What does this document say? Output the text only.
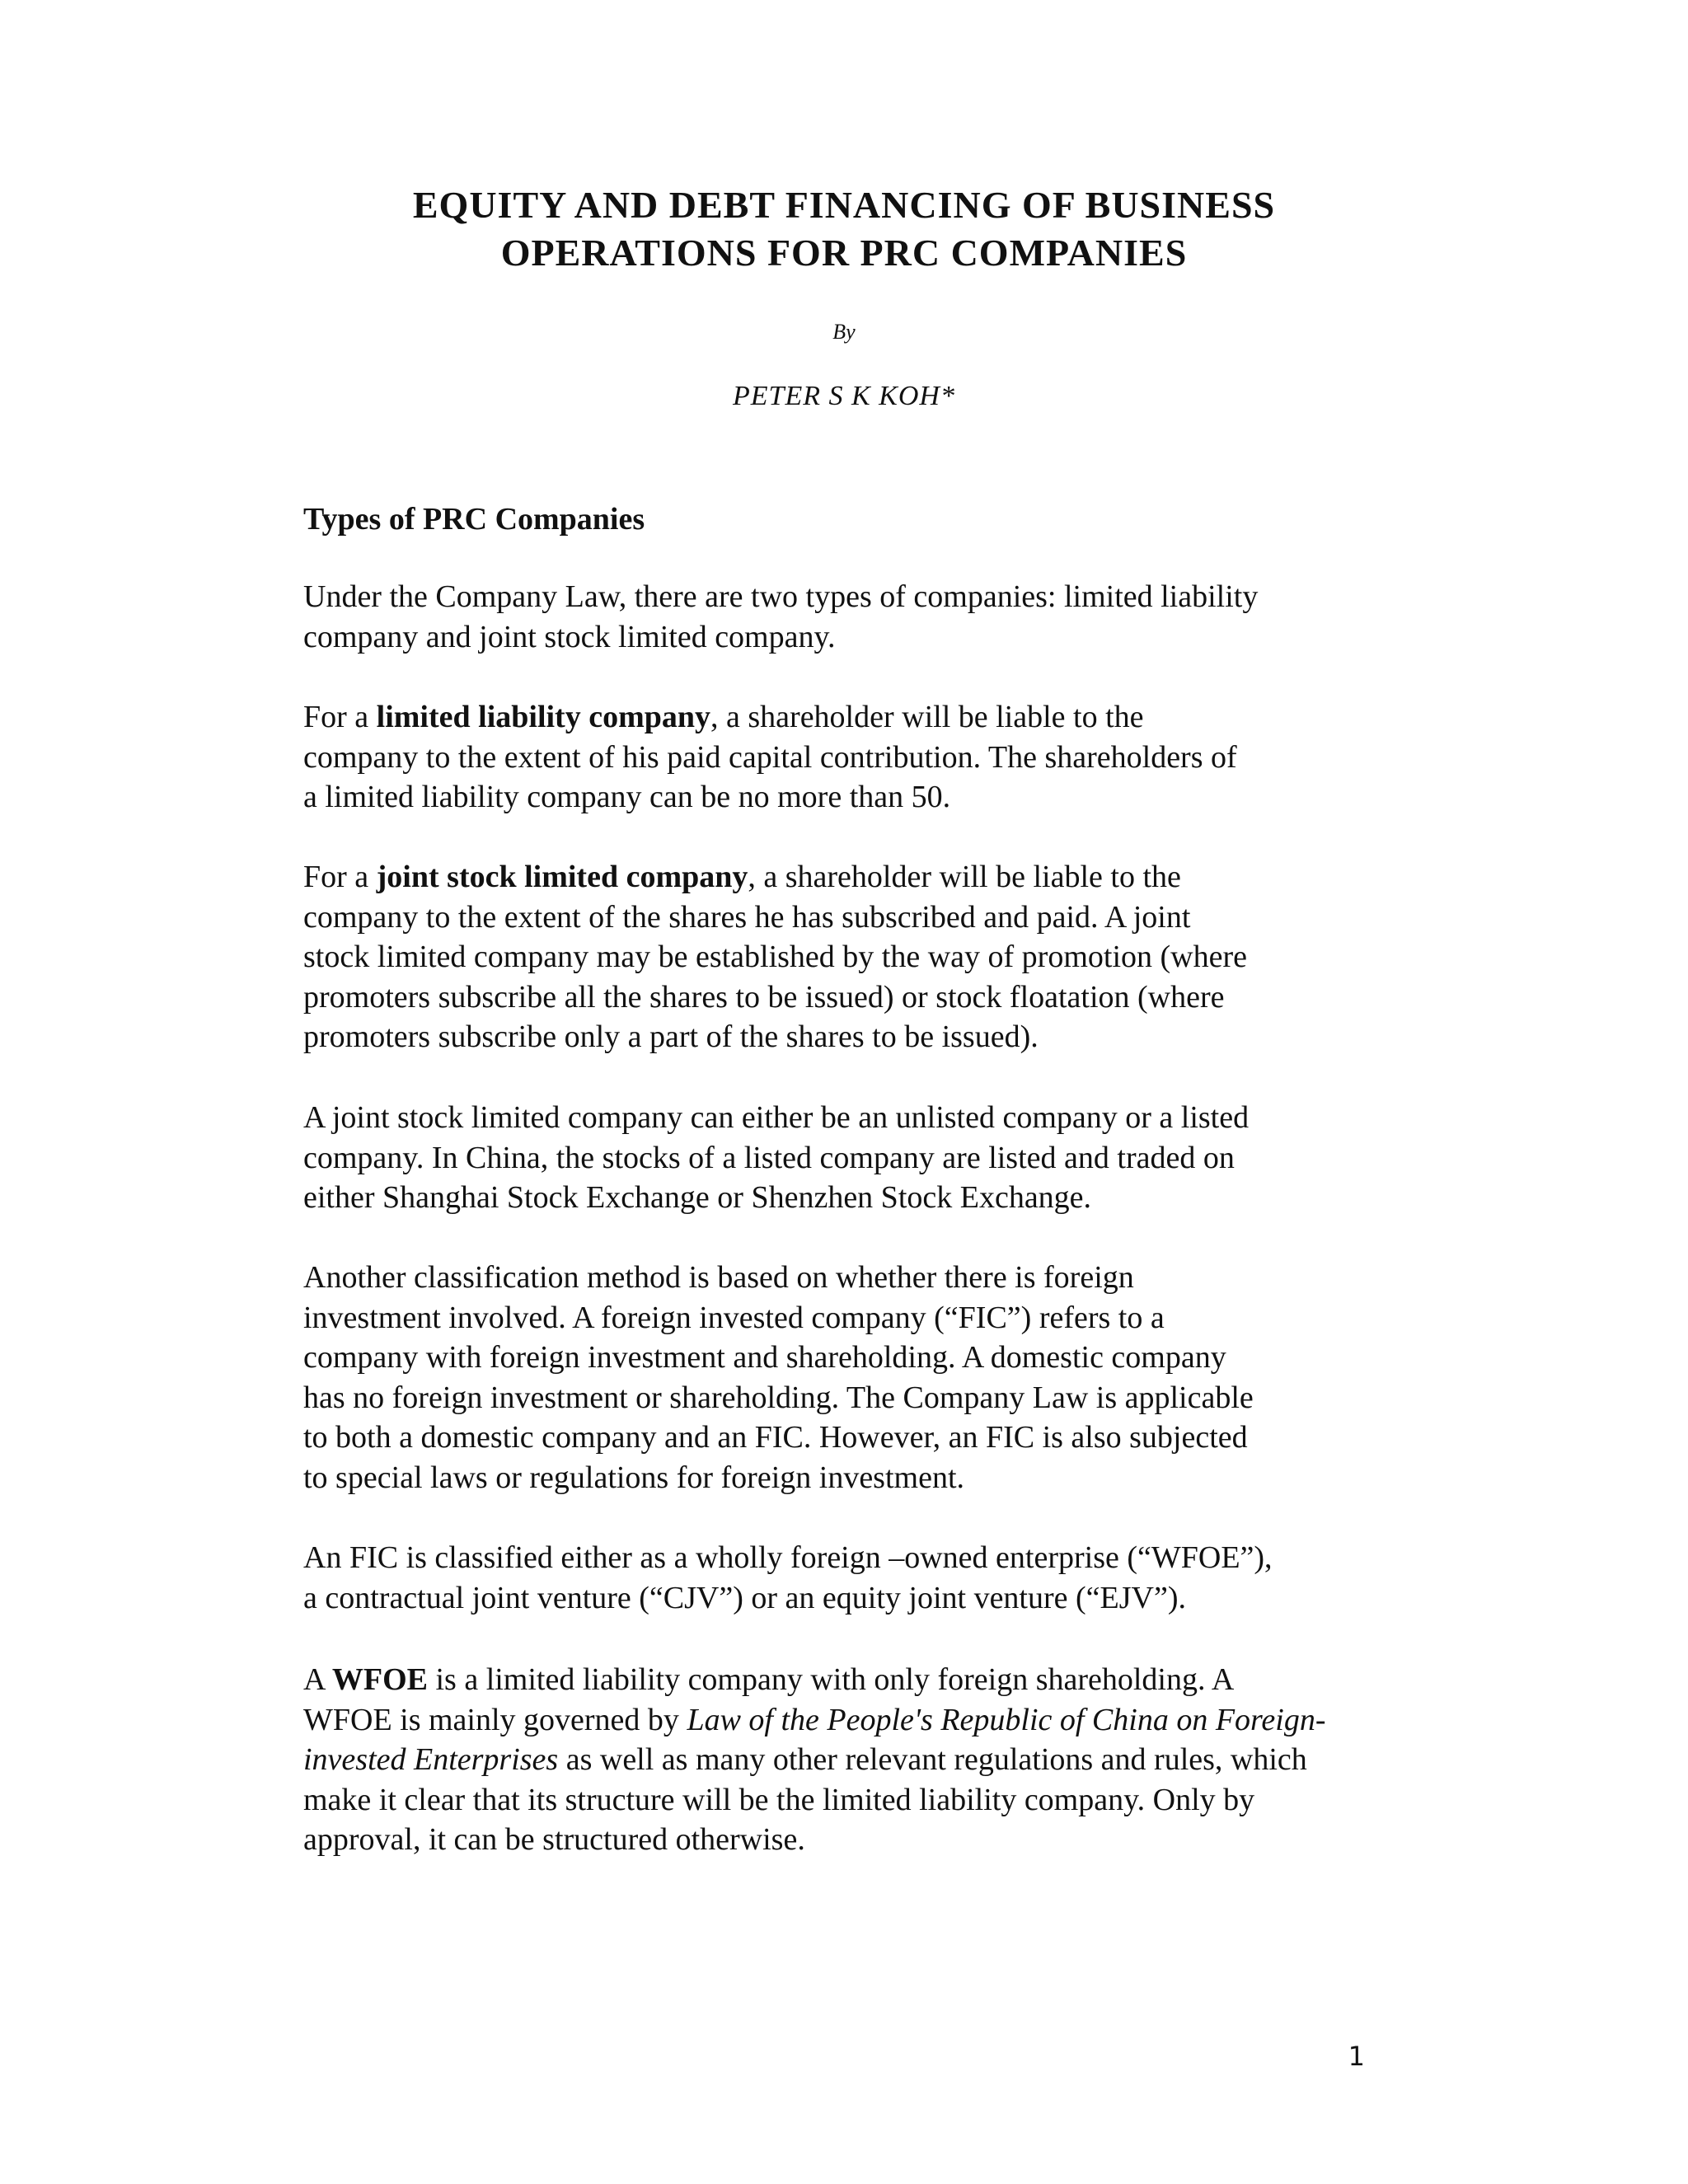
EQUITY AND DEBT FINANCING OF BUSINESS
OPERATIONS FOR PRC COMPANIES
By
PETER S K KOH*
Types of PRC Companies

Under the Company Law, there are two types of companies: limited liability
company and joint stock limited company.

For a limited liability company, a shareholder will be liable to the
company to the extent of his paid capital contribution. The shareholders of
a limited liability company can be no more than 50.

For a joint stock limited company, a shareholder will be liable to the
company to the extent of the shares he has subscribed and paid. A joint
stock limited company may be established by the way of promotion (where
promoters subscribe all the shares to be issued) or stock floatation (where
promoters subscribe only a part of the shares to be issued).

A joint stock limited company can either be an unlisted company or a listed
company. In China, the stocks of a listed company are listed and traded on
either Shanghai Stock Exchange or Shenzhen Stock Exchange.

Another classification method is based on whether there is foreign
investment involved. A foreign invested company (“FIC”) refers to a
company with foreign investment and shareholding. A domestic company
has no foreign investment or shareholding. The Company Law is applicable
to both a domestic company and an FIC. However, an FIC is also subjected
to special laws or regulations for foreign investment.

An FIC is classified either as a wholly foreign –owned enterprise (“WFOE”),
a contractual joint venture (“CJV”) or an equity joint venture (“EJV”).

A WFOE is a limited liability company with only foreign shareholding. A
WFOE is mainly governed by Law of the People's Republic of China on Foreign-
invested Enterprises as well as many other relevant regulations and rules, which
make it clear that its structure will be the limited liability company. Only by
approval, it can be structured otherwise.

1
